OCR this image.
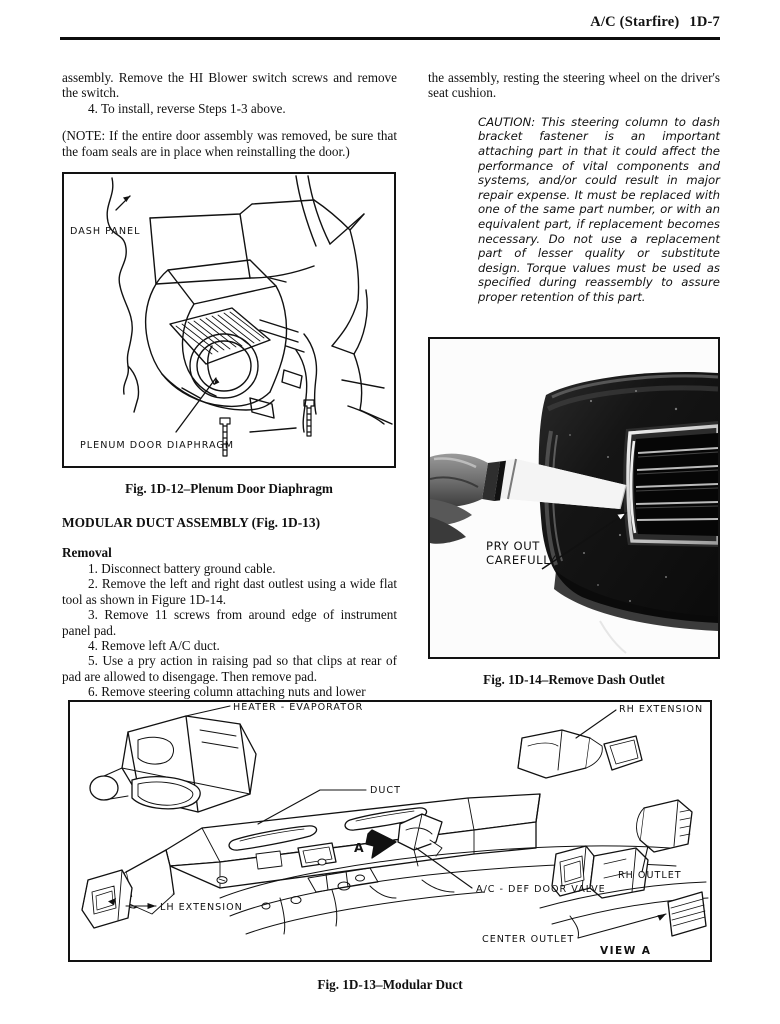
A/C (Starfire) 1D-7

assembly. Remove the HI Blower switch screws and remove the switch.

4. To install, reverse Steps 1-3 above.

(NOTE: If the entire door assembly was removed, be sure that the foam seals are in place when reinstalling the door.)

DASH PANEL
PLENUM DOOR DIAPHRAGM
Fig. 1D-12–Plenum Door Diaphragm
MODULAR DUCT ASSEMBLY (Fig. 1D-13)
Removal

1. Disconnect battery ground cable.

2. Remove the left and right dast outlest using a wide flat tool as shown in Figure 1D-14.

3. Remove 11 screws from around edge of instrument panel pad.

4. Remove left A/C duct.

5. Use a pry action in raising pad so that clips at rear of pad are allowed to disengage. Then remove pad.

6. Remove steering column attaching nuts and lower

the assembly, resting the steering wheel on the driver's seat cushion.

CAUTION: This steering column to dash bracket fastener is an important attaching part in that it could affect the performance of vital components and systems, and/or could result in major repair expense. It must be replaced with one of the same part number, or with an equivalent part, if replacement becomes necessary. Do not use a replacement part of lesser quality or substitute design. Torque values must be used as specified during reassembly to assure proper retention of this part.
PRY OUT
CAREFULLY
Fig. 1D-14–Remove Dash Outlet
HEATER - EVAPORATOR
DUCT
RH EXTENSION
LH EXTENSION
RH OUTLET
A/C - DEF DOOR VALVE
CENTER OUTLET
VIEW A
A
Fig. 1D-13–Modular Duct
